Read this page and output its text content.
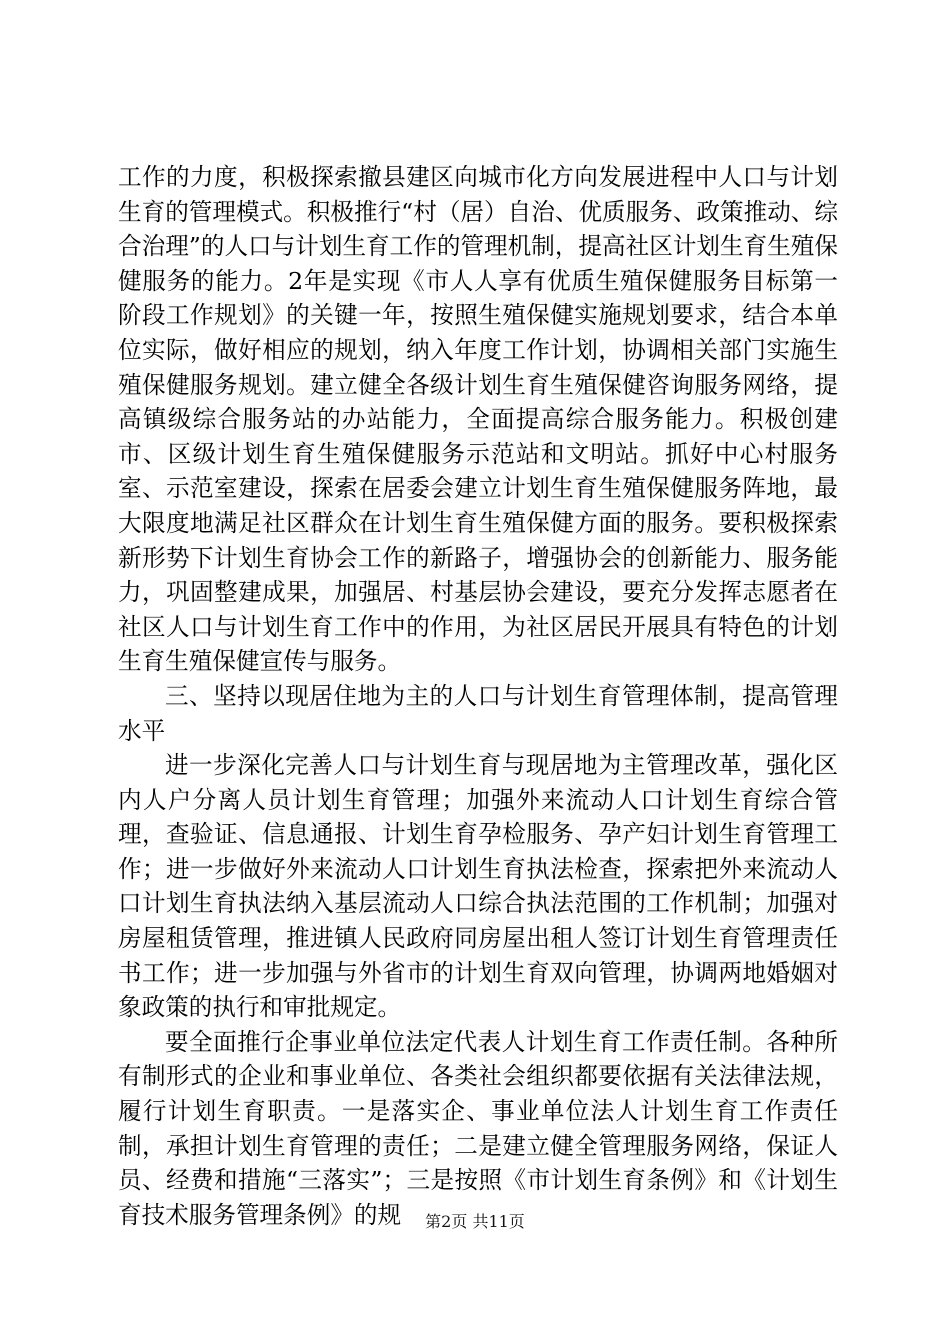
工作的力度，积极探索撤县建区向城市化方向发展进程中人口与计划生育的管理模式。积极推行“村（居）自治、优质服务、政策推动、综合治理”的人口与计划生育工作的管理机制，提高社区计划生育生殖保健服务的能力。2年是实现《市人人享有优质生殖保健服务目标第一阶段工作规划》的关键一年，按照生殖保健实施规划要求，结合本单位实际，做好相应的规划，纳入年度工作计划，协调相关部门实施生殖保健服务规划。建立健全各级计划生育生殖保健咨询服务网络，提高镇级综合服务站的办站能力，全面提高综合服务能力。积极创建市、区级计划生育生殖保健服务示范站和文明站。抓好中心村服务室、示范室建设，探索在居委会建立计划生育生殖保健服务阵地，最大限度地满足社区群众在计划生育生殖保健方面的服务。要积极探索新形势下计划生育协会工作的新路子，增强协会的创新能力、服务能力，巩固整建成果，加强居、村基层协会建设，要充分发挥志愿者在社区人口与计划生育工作中的作用，为社区居民开展具有特色的计划生育生殖保健宣传与服务。

三、坚持以现居住地为主的人口与计划生育管理体制，提高管理水平

进一步深化完善人口与计划生育与现居地为主管理改革，强化区内人户分离人员计划生育管理；加强外来流动人口计划生育综合管理，查验证、信息通报、计划生育孕检服务、孕产妇计划生育管理工作；进一步做好外来流动人口计划生育执法检查，探索把外来流动人口计划生育执法纳入基层流动人口综合执法范围的工作机制；加强对房屋租赁管理，推进镇人民政府同房屋出租人签订计划生育管理责任书工作；进一步加强与外省市的计划生育双向管理，协调两地婚姻对象政策的执行和审批规定。

要全面推行企事业单位法定代表人计划生育工作责任制。各种所有制形式的企业和事业单位、各类社会组织都要依据有关法律法规，履行计划生育职责。一是落实企、事业单位法人计划生育工作责任制，承担计划生育管理的责任；二是建立健全管理服务网络，保证人员、经费和措施“三落实”；三是按照《市计划生育条例》和《计划生育技术服务管理条例》的规	第2页 共11页
